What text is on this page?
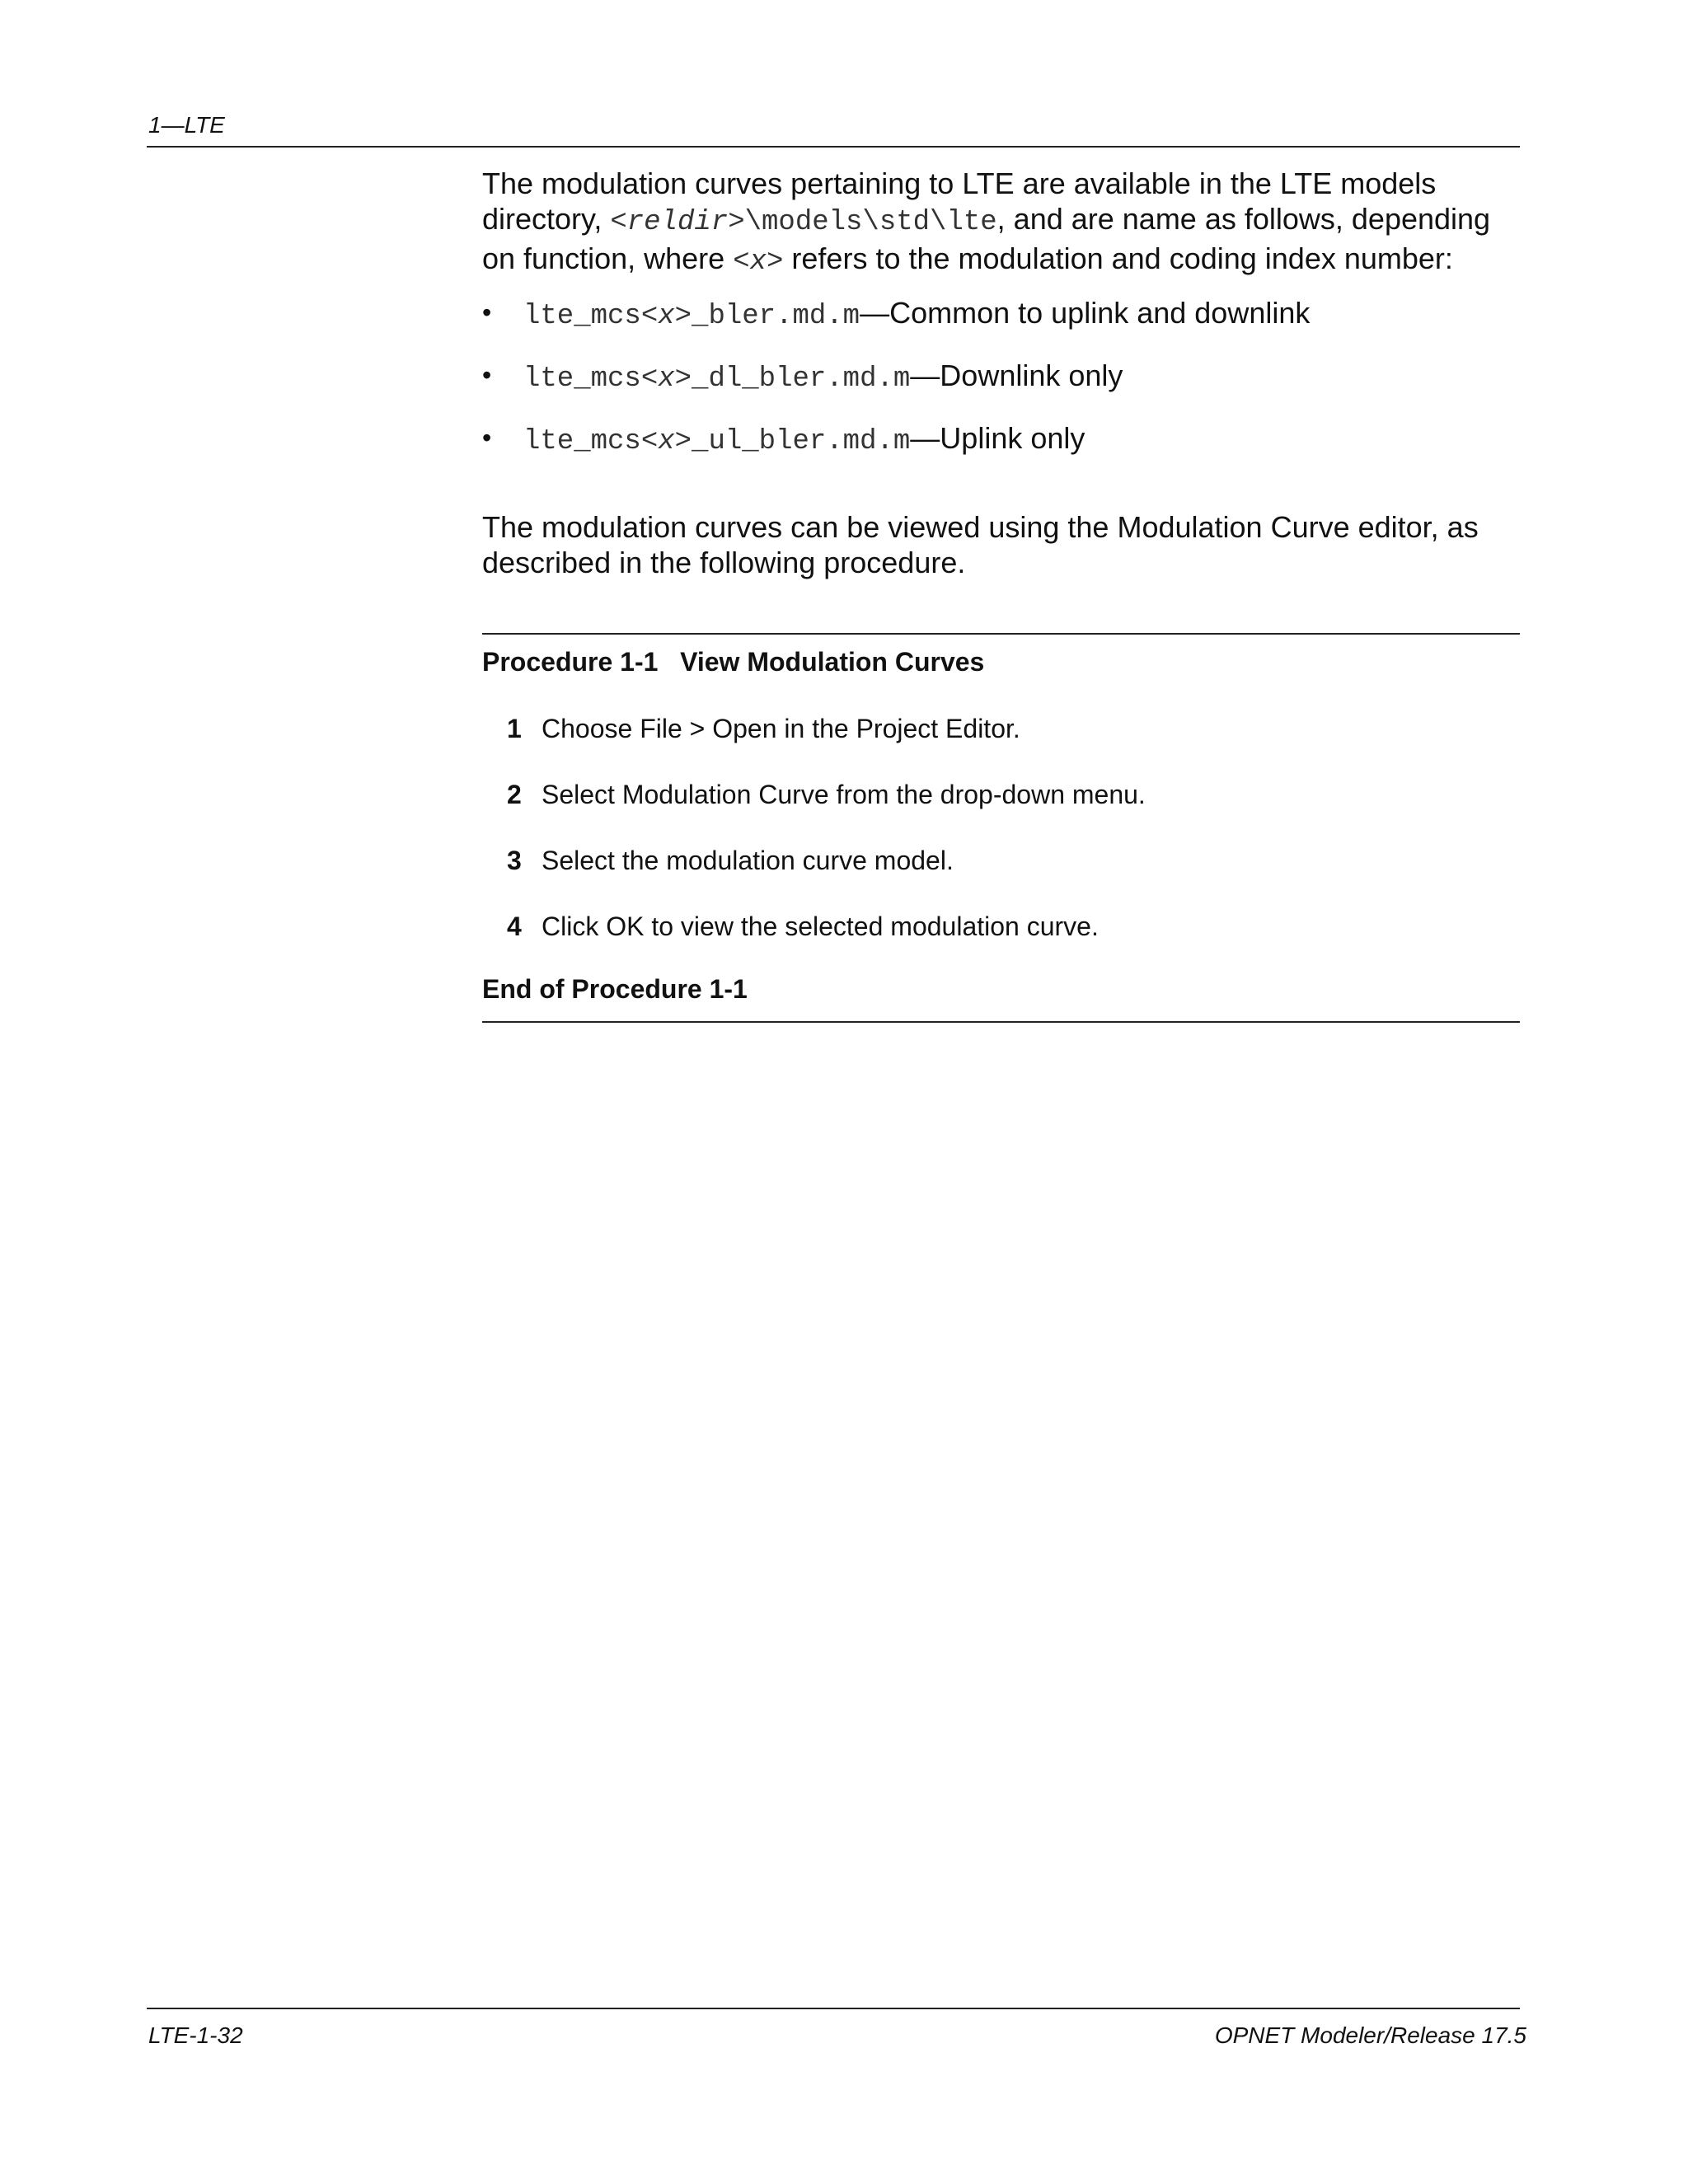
1—LTE

The modulation curves pertaining to LTE are available in the LTE models

directory, <reldir>\models\std\lte, and are name as follows, depending

on function, where <x> refers to the modulation and coding index number:

• lte_mcs<x>_bler.md.m—Common to uplink and downlink
• lte_mcs<x>_dl_bler.md.m—Downlink only
• lte_mcs<x>_ul_bler.md.m—Uplink only

The modulation curves can be viewed using the Modulation Curve editor, as

described in the following procedure.

Procedure 1-1   View Modulation Curves
1 Choose File > Open in the Project Editor.
2 Select Modulation Curve from the drop-down menu.
3 Select the modulation curve model.
4 Click OK to view the selected modulation curve.
End of Procedure 1-1
LTE-1-32	OPNET Modeler/Release 17.5
